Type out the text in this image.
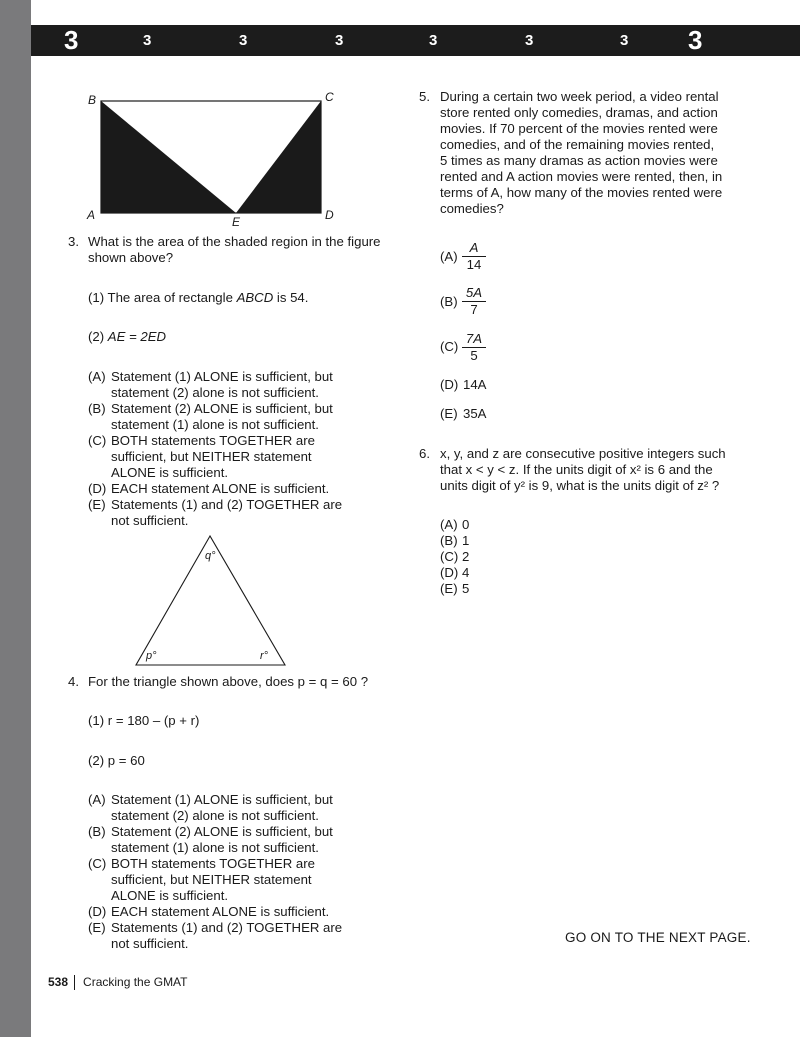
3	3	3	3	3	3	3 3
B	C
A	E	D
3. What is the area of the shaded region in the figure
shown above?
(1) The area of rectangle ABCD is 54.
(2) AE = 2ED
(A) Statement (1) ALONE is sufficient, but
statement (2) alone is not sufficient.
(B) Statement (2) ALONE is sufficient, but
statement (1) alone is not sufficient.
(C) BOTH statements TOGETHER are
sufficient, but NEITHER statement
ALONE is sufficient.
(D) EACH statement ALONE is sufficient.
(E) Statements (1) and (2) TOGETHER are
not sufficient.
q°
p°	r°
4. For the triangle shown above, does p = q = 60 ?
(1) r = 180 – (p + r)
(2) p = 60
(A) Statement (1) ALONE is sufficient, but
statement (2) alone is not sufficient.
(B) Statement (2) ALONE is sufficient, but
statement (1) alone is not sufficient.
(C) BOTH statements TOGETHER are
sufficient, but NEITHER statement
ALONE is sufficient.
(D) EACH statement ALONE is sufficient.
(E) Statements (1) and (2) TOGETHER are
not sufficient.
5. During a certain two week period, a video rental
store rented only comedies, dramas, and action
movies. If 70 percent of the movies rented were
comedies, and of the remaining movies rented,
5 times as many dramas as action movies were
rented and A action movies were rented, then, in
terms of A, how many of the movies rented were
comedies?
$(A) \frac{A}{14}$
$(B) \frac{5A}{7}$
$(C) \frac{7A}{5}$
(D) 14A
(E) 35A
6. x, y, and z are consecutive positive integers such
that x < y < z. If the units digit of x² is 6 and the
units digit of y² is 9, what is the units digit of z² ?
(A) 0
(B) 1
(C) 2
(D) 4
(E) 5
GO ON TO THE NEXT PAGE.
538 Cracking the GMAT
